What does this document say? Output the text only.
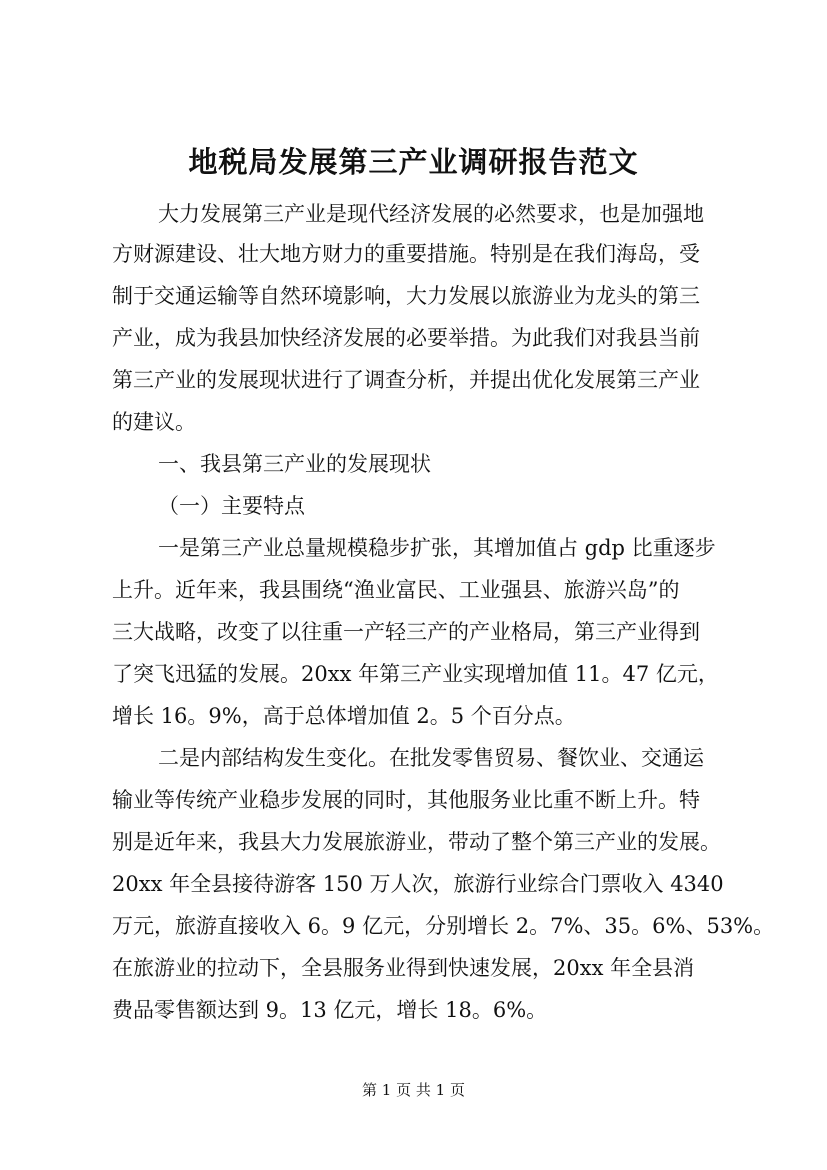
地税局发展第三产业调研报告范文
大力发展第三产业是现代经济发展的必然要求，也是加强地
方财源建设、壮大地方财力的重要措施。特别是在我们海岛，受
制于交通运输等自然环境影响，大力发展以旅游业为龙头的第三
产业，成为我县加快经济发展的必要举措。为此我们对我县当前
第三产业的发展现状进行了调查分析，并提出优化发展第三产业
的建议。
一、我县第三产业的发展现状
（一）主要特点
一是第三产业总量规模稳步扩张，其增加值占 gdp 比重逐步
上升。近年来，我县围绕“渔业富民、工业强县、旅游兴岛”的
三大战略，改变了以往重一产轻三产的产业格局，第三产业得到
了突飞迅猛的发展。20xx 年第三产业实现增加值 11。47 亿元，
增长 16。9%，高于总体增加值 2。5 个百分点。
二是内部结构发生变化。在批发零售贸易、餐饮业、交通运
输业等传统产业稳步发展的同时，其他服务业比重不断上升。特
别是近年来，我县大力发展旅游业，带动了整个第三产业的发展。
20xx 年全县接待游客 150 万人次，旅游行业综合门票收入 4340
万元，旅游直接收入 6。9 亿元，分别增长 2。7%、35。6%、53%。
在旅游业的拉动下，全县服务业得到快速发展，20xx 年全县消
费品零售额达到 9。13 亿元，增长 18。6%。
第 1 页 共 1 页
